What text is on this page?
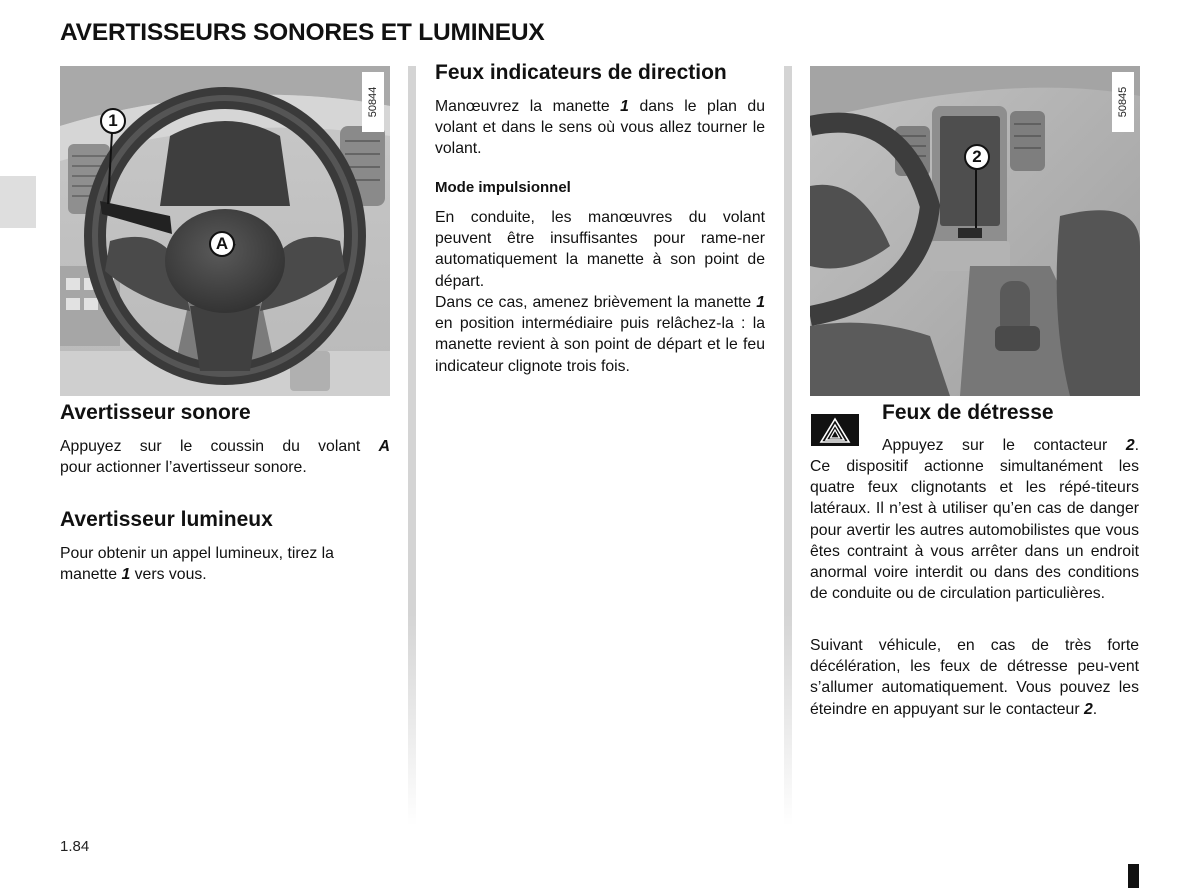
AVERTISSEURS SONORES ET LUMINEUX
1
A
50844
2
50845
Avertisseur sonore

Appuyez sur le coussin du volant A
pour actionner l’avertisseur sonore.

Avertisseur lumineux

Pour obtenir un appel lumineux, tirez la
manette 1 vers vous.

Feux indicateurs de direction

Manœuvrez la manette 1 dans le plan du volant et dans le sens où vous allez tourner le volant.

Mode impulsionnel

En conduite, les manœuvres du volant peuvent être insuffisantes pour rame-ner automatiquement la manette à son point de départ.

Dans ce cas, amenez brièvement la manette 1 en position intermédiaire puis relâchez-la : la manette revient à son point de départ et le feu indicateur clignote trois fois.

Feux de détresse

Appuyez sur le contacteur 2.

Ce dispositif actionne simultanément les quatre feux clignotants et les répé-titeurs latéraux. Il n’est à utiliser qu’en cas de danger pour avertir les autres automobilistes que vous êtes contraint à vous arrêter dans un endroit anormal voire interdit ou dans des conditions de conduite ou de circulation particulières.

Suivant véhicule, en cas de très forte décélération, les feux de détresse peu-vent s’allumer automatiquement. Vous pouvez les éteindre en appuyant sur le contacteur 2.

1.84
